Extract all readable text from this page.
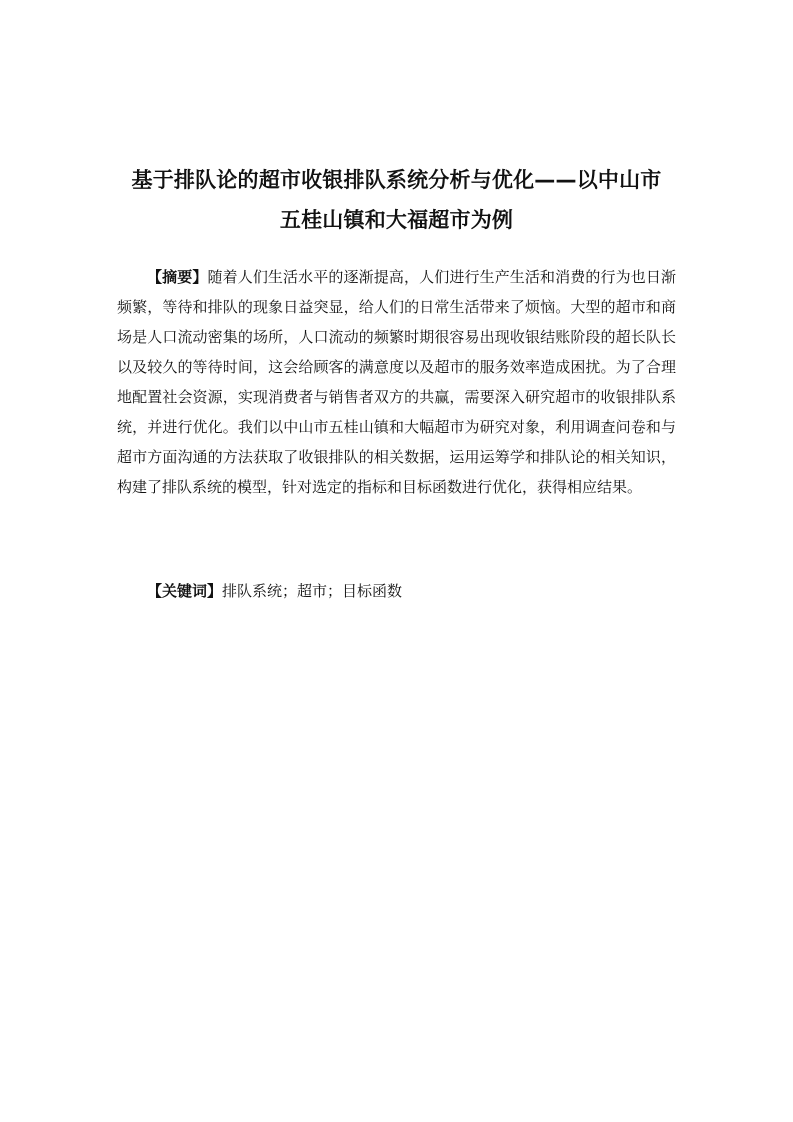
基于排队论的超市收银排队系统分析与优化——以中山市
五桂山镇和大福超市为例

【摘要】随着人们生活水平的逐渐提高，人们进行生产生活和消费的行为也日渐频繁，等待和排队的现象日益突显，给人们的日常生活带来了烦恼。大型的超市和商场是人口流动密集的场所，人口流动的频繁时期很容易出现收银结账阶段的超长队长以及较久的等待时间，这会给顾客的满意度以及超市的服务效率造成困扰。为了合理地配置社会资源，实现消费者与销售者双方的共赢，需要深入研究超市的收银排队系统，并进行优化。我们以中山市五桂山镇和大幅超市为研究对象，利用调查问卷和与超市方面沟通的方法获取了收银排队的相关数据，运用运筹学和排队论的相关知识，构建了排队系统的模型，针对选定的指标和目标函数进行优化，获得相应结果。

【关键词】排队系统；超市；目标函数
